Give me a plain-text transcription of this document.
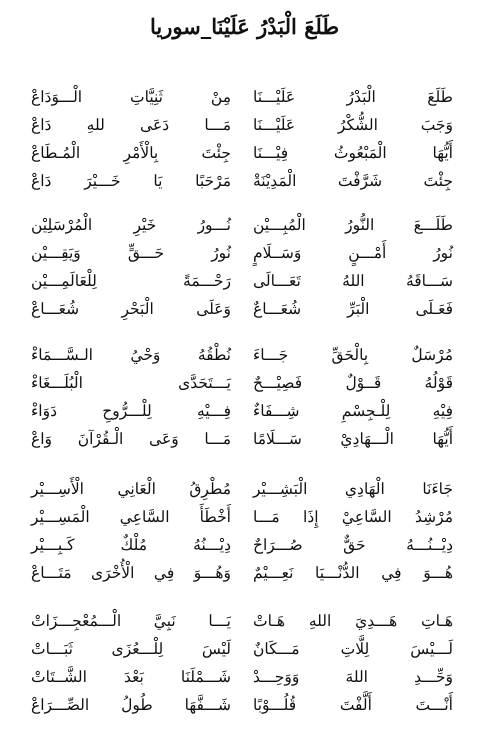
طَلَعَ الْبَدْرُ عَلَيْنَا_سوريا
طَلَعَ الْبَدْرُ عَلَيْـــنَا
مِنْ ثَنِيَّاتِ الْـــوَدَاعْ
وَجَبَ الشُّكْرُ عَلَيْـــنَا
مَـــا دَعَى للهِ دَاعْ
أَيُّهَا الْمَبْعُوثُ فِيْـــنَا
جِئْتَ بِالْأَمْرِ الْمُـطَاعْ
جِئْتَ شَرَّفْتَ الْمَدِيْنَةْ
مَرْحَبًا يَا خَـــيْرَ دَاعْ
طَلَـــعَ النُّورُ الْمُبِـــيْن
نُـــورُ خَيْرِ الْمُرْسَلِيْن
نُورُ أَمْـــنٍ وَسَــلَامٍ
نُورُ حَـــقٍّ وَيَقِـــيْن
سَـــاقَهُ اللهُ تَعَـــالَى
رَحْـــمَةً لِلْعَالَمِـــيْن
فَعَـلَى الْبَرِّ شُعَـــاعٌ
وَعَلَى الْبَحْرِ شُعَـــاعْ
مُرْسَلٌ بِالْحَقِّ جَـــاءَ
نُطْقُهُ وَحْيُ الـسَّـــمَاءْ
قَوْلُهُ قَــوْلٌ فَصِيْـــحٌ
يَـــتَحَدَّى الْبُلَـــغَاءْ
فِيْهِ لِلْـجِسْمِ شِـــفَاءٌ
فِـــيْهِ لِلْـــرُّوحِ دَوَاءْ
أَيُّهَا الْـــهَادِيْ سَـــلَامًا
مَـــا وَعَى الْـقُرْآنَ وَاعْ
جَاءَنَا الْهَادِي الْبَشِـــيْر
مُطْرِقُ الْعَانِي الْأَسِـــيْر
مُرْشِدُ السَّاعِيْ إِذَا مَـــا
أَخْطَأَ السَّاعِي الْمَسِـــيْر
دِيْــنُـــهُ حَقٌّ صُـــرَاحٌ
دِيْـــنُهُ مُلْكٌ كَـبِـــيْر
هُـــوَ فِي الدُّنْـــيَا نَعِـــيْمٌ
وَهُـــوَ فِي الْأُخْرَى مَتَـــاعْ
هَـاتِ هَـــدِيَ اللهِ هَـاتْ
يَـــا نَبِيَّ الْـــمُعْجِـــزَاتْ
لَـــيْسَ لِلَّاتِ مَـــكَانٌ
لَيْسَ لِلْـــعُزَى ثَبَـــاتْ
وَحِّـــدِ اللهَ وَوَحِـــدْ
شَـــمْلَنَا بَعْدَ الشَّــتَاتْ
أَنْـــتَ أَلَّفْتَ قُلُـــوْبًا
شَـــفَّهَا طُولُ الصِّـــرَاعْ
